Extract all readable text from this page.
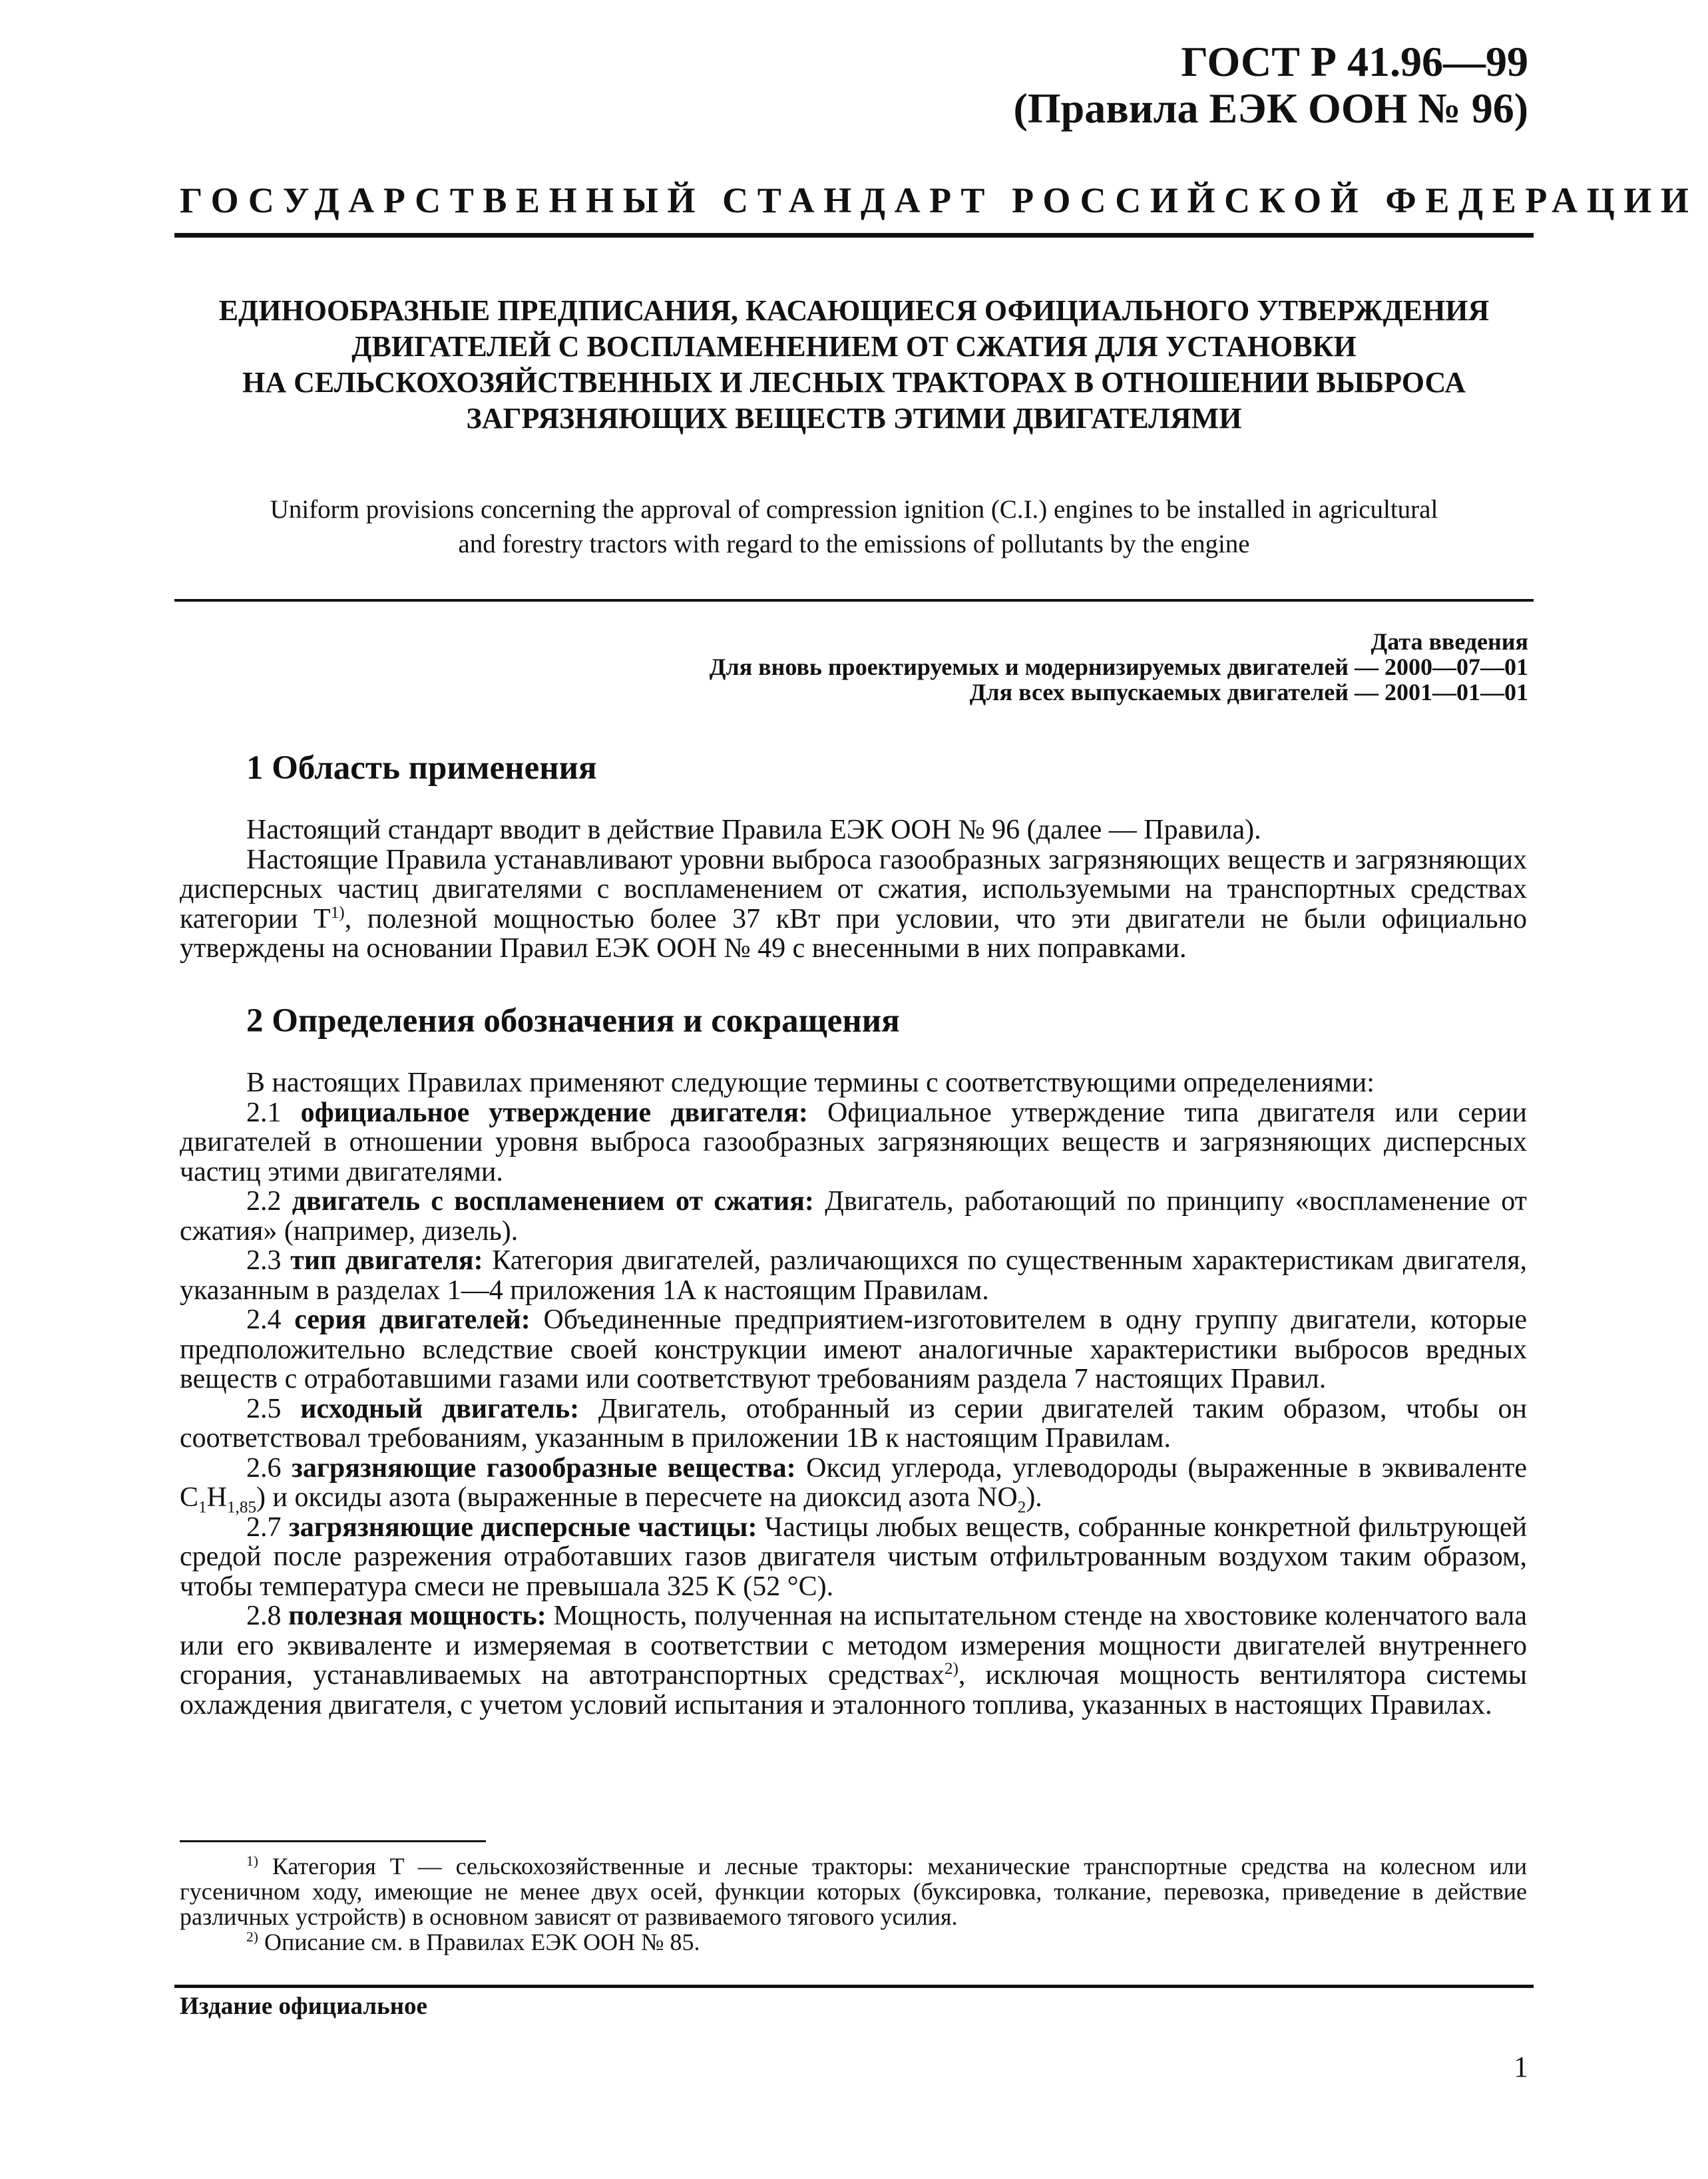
ГОСТ Р 41.96—99
(Правила ЕЭК ООН № 96)
ГОСУДАРСТВЕННЫЙ СТАНДАРТ РОССИЙСКОЙ ФЕДЕРАЦИИ
ЕДИНООБРАЗНЫЕ ПРЕДПИСАНИЯ, КАСАЮЩИЕСЯ ОФИЦИАЛЬНОГО УТВЕРЖДЕНИЯ
ДВИГАТЕЛЕЙ С ВОСПЛАМЕНЕНИЕМ ОТ СЖАТИЯ ДЛЯ УСТАНОВКИ
НА СЕЛЬСКОХОЗЯЙСТВЕННЫХ И ЛЕСНЫХ ТРАКТОРАХ В ОТНОШЕНИИ ВЫБРОСА
ЗАГРЯЗНЯЮЩИХ ВЕЩЕСТВ ЭТИМИ ДВИГАТЕЛЯМИ
Uniform provisions concerning the approval of compression ignition (C.I.) engines to be installed in agricultural
and forestry tractors with regard to the emissions of pollutants by the engine
Дата введения
Для вновь проектируемых и модернизируемых двигателей — 2000—07—01
Для всех выпускаемых двигателей — 2001—01—01
1 Область применения

Настоящий стандарт вводит в действие Правила ЕЭК ООН № 96 (далее — Правила).

Настоящие Правила устанавливают уровни выброса газообразных загрязняющих веществ и загрязняющих дисперсных частиц двигателями с воспламенением от сжатия, используемыми на транспортных средствах категории $T^{1)}$, полезной мощностью более 37 кВт при условии, что эти двигатели не были официально утверждены на основании Правил ЕЭК ООН № 49 с внесенными в них поправками.

2 Определения обозначения и сокращения

В настоящих Правилах применяют следующие термины с соответствующими определениями:

2.1 официальное утверждение двигателя: Официальное утверждение типа двигателя или серии двигателей в отношении уровня выброса газообразных загрязняющих веществ и загрязняющих дисперсных частиц этими двигателями.

2.2 двигатель с воспламенением от сжатия: Двигатель, работающий по принципу «воспламенение от сжатия» (например, дизель).

2.3 тип двигателя: Категория двигателей, различающихся по существенным характеристикам двигателя, указанным в разделах 1—4 приложения 1А к настоящим Правилам.

2.4 серия двигателей: Объединенные предприятием-изготовителем в одну группу двигатели, которые предположительно вследствие своей конструкции имеют аналогичные характеристики выбросов вредных веществ с отработавшими газами или соответствуют требованиям раздела 7 настоящих Правил.

2.5 исходный двигатель: Двигатель, отобранный из серии двигателей таким образом, чтобы он соответствовал требованиям, указанным в приложении 1В к настоящим Правилам.

2.6 загрязняющие газообразные вещества: Оксид углерода, углеводороды (выраженные в эквиваленте $C_1H_{1,85}$) и оксиды азота (выраженные в пересчете на диоксид азота $NO_2$).

2.7 загрязняющие дисперсные частицы: Частицы любых веществ, собранные конкретной фильтрующей средой после разрежения отработавших газов двигателя чистым отфильтрованным воздухом таким образом, чтобы температура смеси не превышала 325 K (52 °C).

2.8 полезная мощность: Мощность, полученная на испытательном стенде на хвостовике коленчатого вала или его эквиваленте и измеряемая в соответствии с методом измерения мощности двигателей внутреннего сгорания, устанавливаемых на автотранспортных средствах$^{2)}$, исключая мощность вентилятора системы охлаждения двигателя, с учетом условий испытания и эталонного топлива, указанных в настоящих Правилах.

$^{1)}$ Категория T — сельскохозяйственные и лесные тракторы: механические транспортные средства на колесном или гусеничном ходу, имеющие не менее двух осей, функции которых (буксировка, толкание, перевозка, приведение в действие различных устройств) в основном зависят от развиваемого тягового усилия.

$^{2)}$ Описание см. в Правилах ЕЭК ООН № 85.

Издание официальное
1
